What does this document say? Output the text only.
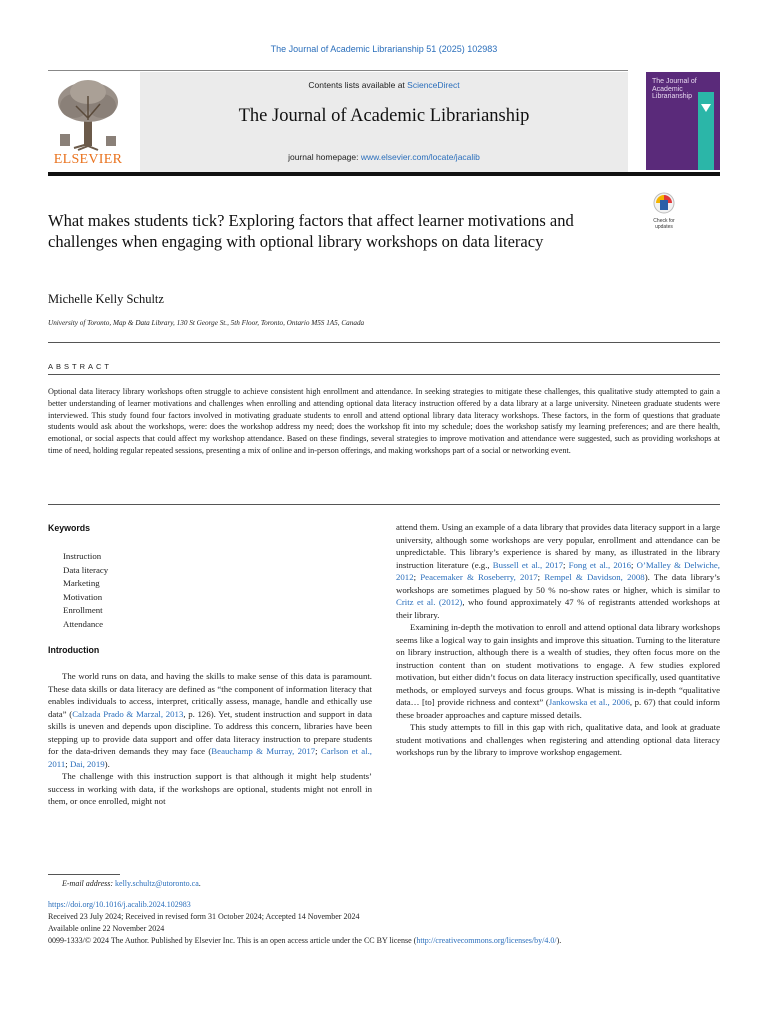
The Journal of Academic Librarianship 51 (2025) 102983
ELSEVIER
Contents lists available at ScienceDirect
The Journal of Academic Librarianship
journal homepage: www.elsevier.com/locate/jacalib
The Journal of Academic Librarianship
What makes students tick? Exploring factors that affect learner motivations and challenges when engaging with optional library workshops on data literacy
Check for updates
Michelle Kelly Schultz
University of Toronto, Map & Data Library, 130 St George St., 5th Floor, Toronto, Ontario M5S 1A5, Canada
ABSTRACT
Optional data literacy library workshops often struggle to achieve consistent high enrollment and attendance. In seeking strategies to mitigate these challenges, this qualitative study attempted to gain a better understanding of learner motivations and challenges when enrolling and attending optional data literacy instruction offered by a data library at a large university. Nineteen graduate students were interviewed. This study found four factors involved in motivating graduate students to enroll and attend optional library data literacy workshops. These factors, in the form of questions that graduate students would ask about the workshops, were: does the workshop address my need; does the workshop fit into my schedule; does the workshop satisfy my learning preferences; and are there health, emotional, or social aspects that could affect my workshop attendance. Based on these findings, several strategies to improve motivation and attendance were suggested, such as providing workshops at time of need, holding regular repeated sessions, presenting a mix of online and in-person offerings, and making workshops part of a social or networking event.
Keywords
Instruction
Data literacy
Marketing
Motivation
Enrollment
Attendance
Introduction

The world runs on data, and having the skills to make sense of this data is paramount. These data skills or data literacy are defined as “the component of information literacy that enables individuals to access, interpret, critically assess, manage, handle and ethically use data” (Calzada Prado & Marzal, 2013, p. 126). Yet, student instruction and support in data skills is uneven and depends upon discipline. To address this concern, libraries have been stepping up to provide data support and offer data literacy instruction to prepare students for the data-driven demands they may face (Beauchamp & Murray, 2017; Carlson et al., 2011; Dai, 2019).

The challenge with this instruction support is that although it might help students’ success in working with data, if the workshops are optional, students might not enroll in them, or once enrolled, might not

attend them. Using an example of a data library that provides data literacy support in a large university, although some workshops are very popular, enrollment and attendance can be unpredictable. This library’s experience is shared by many, as illustrated in the library instruction literature (e.g., Bussell et al., 2017; Fong et al., 2016; O’Malley & Delwiche, 2012; Peacemaker & Roseberry, 2017; Rempel & Davidson, 2008). The data library’s workshops are sometimes plagued by 50 % no-show rates or higher, which is similar to Critz et al. (2012), who found approximately 47 % of registrants attended workshops at their library.

Examining in-depth the motivation to enroll and attend optional data library workshops seems like a logical way to gain insights and improve this situation. Turning to the literature on library instruction, although there is a wealth of studies, they often focus more on the instruction content than on student motivations to engage. A few studies explored motivation, but either didn’t focus on data literacy instruction specifically, used quantitative methods, or employed surveys and focus groups. What is missing is in-depth “qualitative data… [to] provide richness and context” (Jankowska et al., 2006, p. 67) that could inform these broader approaches and capture missed details.

This study attempts to fill in this gap with rich, qualitative data, and look at graduate student motivations and challenges when registering and attending optional data literacy workshops run by the library to improve workshop engagement.

E-mail address: kelly.schultz@utoronto.ca.
https://doi.org/10.1016/j.acalib.2024.102983
Received 23 July 2024; Received in revised form 31 October 2024; Accepted 14 November 2024
Available online 22 November 2024
0099-1333/© 2024 The Author. Published by Elsevier Inc. This is an open access article under the CC BY license (http://creativecommons.org/licenses/by/4.0/).
